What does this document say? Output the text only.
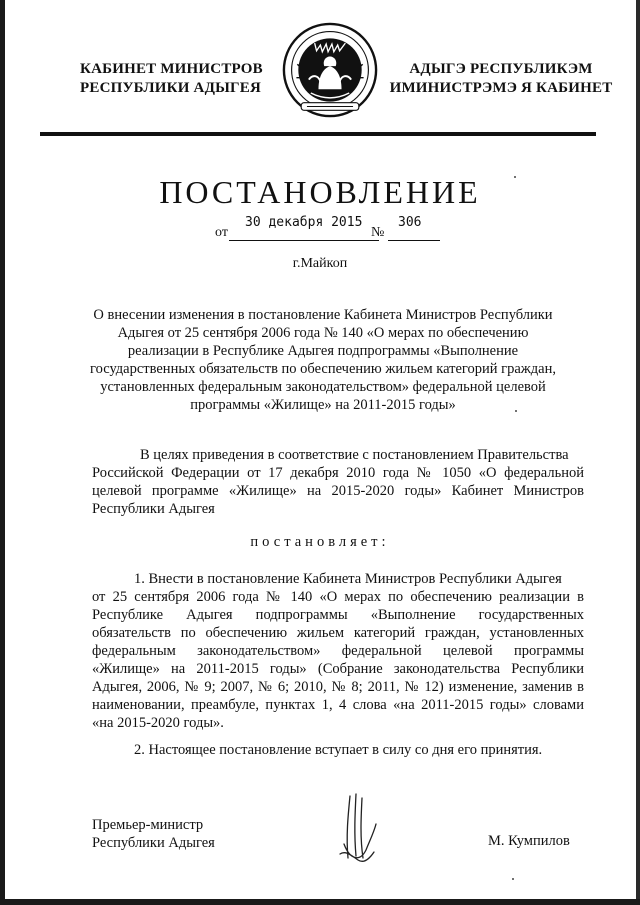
КАБИНЕТ МИНИСТРОВ
РЕСПУБЛИКИ АДЫГЕЯ
АДЫГЭ РЕСПУБЛИКЭМ
ИМИНИСТРЭМЭ Я КАБИНЕТ
ПОСТАНОВЛЕНИЕ
от
30 декабря 2015
№
306
г.Майкоп
О внесении изменения в постановление Кабинета Министров Республики
Адыгея от 25 сентября 2006 года № 140 «О мерах по обеспечению
реализации в Республике Адыгея подпрограммы «Выполнение
государственных обязательств по обеспечению жильем категорий граждан,
установленных федеральным законодательством» федеральной целевой
программы «Жилище» на 2011-2015 годы»
В целях приведения в соответствие с постановлением Правительства
Российской Федерации от 17 декабря 2010 года № 1050 «О федеральной
целевой программе «Жилище» на 2015-2020 годы» Кабинет Министров
Республики Адыгея
постановляет:
1. Внести в постановление Кабинета Министров Республики Адыгея
от 25 сентября 2006 года № 140 «О мерах по обеспечению реализации в
Республике Адыгея подпрограммы «Выполнение государственных
обязательств по обеспечению жильем категорий граждан, установленных
федеральным законодательством» федеральной целевой программы
«Жилище» на 2011-2015 годы» (Собрание законодательства Республики
Адыгея, 2006, № 9; 2007, № 6; 2010, № 8; 2011, № 12) изменение, заменив в
наименовании, преамбуле, пунктах 1, 4 слова «на 2011-2015 годы» словами
«на 2015-2020 годы».
2. Настоящее постановление вступает в силу со дня его принятия.
Премьер-министр
Республики Адыгея	М. Кумпилов
